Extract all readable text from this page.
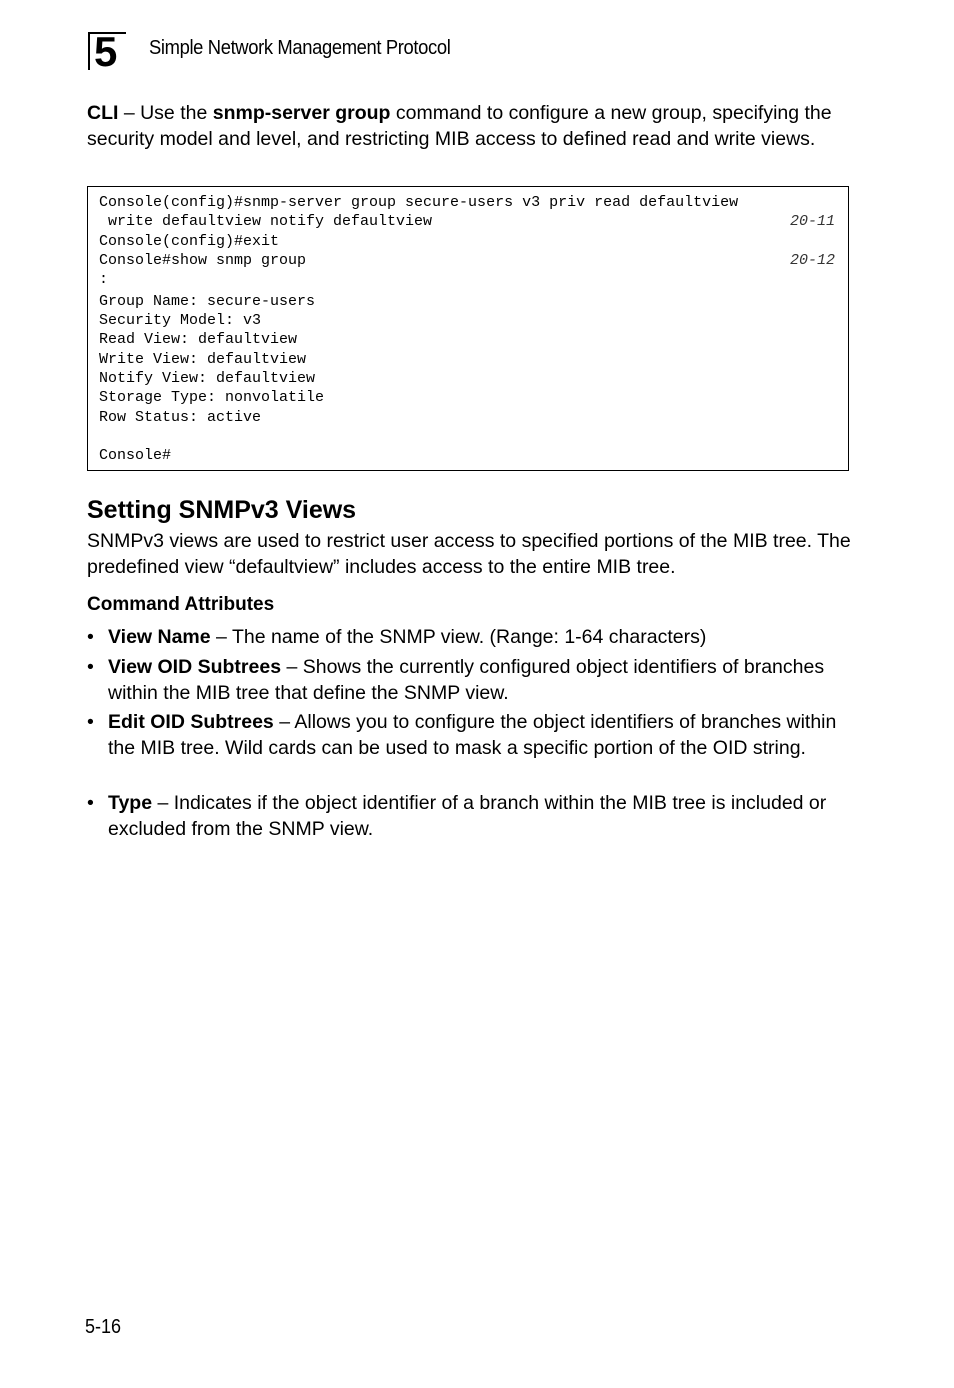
5 Simple Network Management Protocol

CLI – Use the snmp-server group command to configure a new group, specifying the security model and level, and restricting MIB access to defined read and write views.

Console(config)#snmp-server group secure-users v3 priv read defaultview
write defaultview notify defaultview	20-11
Console(config)#exit
Console#show snmp group	20-12
:
Group Name: secure-users
Security Model: v3
Read View: defaultview
Write View: defaultview
Notify View: defaultview
Storage Type: nonvolatile
Row Status: active
Console#
Setting SNMPv3 Views

SNMPv3 views are used to restrict user access to specified portions of the MIB tree. The predefined view “defaultview” includes access to the entire MIB tree.

Command Attributes
• View Name – The name of the SNMP view. (Range: 1-64 characters)
• View OID Subtrees – Shows the currently configured object identifiers of branches within the MIB tree that define the SNMP view.
• Edit OID Subtrees – Allows you to configure the object identifiers of branches within the MIB tree. Wild cards can be used to mask a specific portion of the OID string.
• Type – Indicates if the object identifier of a branch within the MIB tree is included or excluded from the SNMP view.
5-16
